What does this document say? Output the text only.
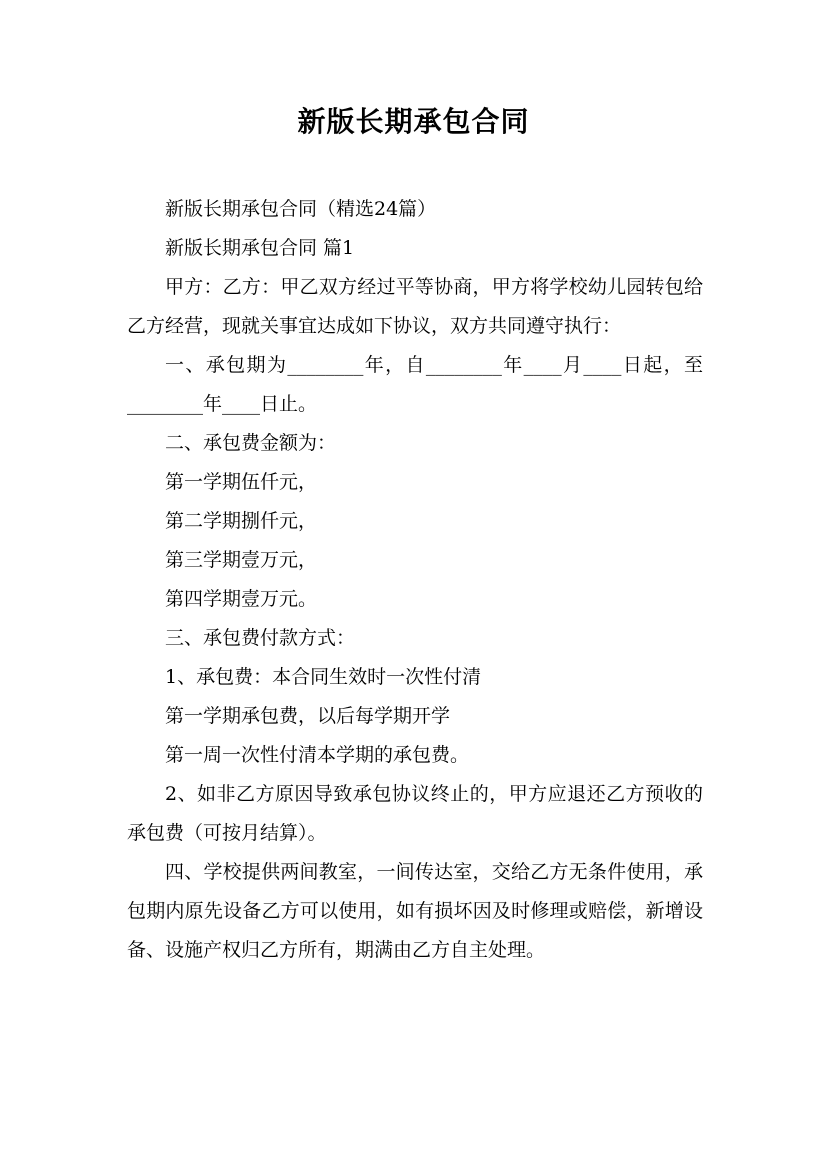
新版长期承包合同

新版长期承包合同（精选24篇）

新版长期承包合同 篇1

甲方：乙方：甲乙双方经过平等协商，甲方将学校幼儿园转包给乙方经营，现就关事宜达成如下协议，双方共同遵守执行：

一、承包期为________年，自________年____月____日起，至________年____日止。

二、承包费金额为：

第一学期伍仟元，

第二学期捌仟元，

第三学期壹万元，

第四学期壹万元。

三、承包费付款方式：

1、承包费：本合同生效时一次性付清

第一学期承包费，以后每学期开学

第一周一次性付清本学期的承包费。

2、如非乙方原因导致承包协议终止的，甲方应退还乙方预收的承包费（可按月结算）。

四、学校提供两间教室，一间传达室，交给乙方无条件使用，承包期内原先设备乙方可以使用，如有损坏因及时修理或赔偿，新增设备、设施产权归乙方所有，期满由乙方自主处理。
